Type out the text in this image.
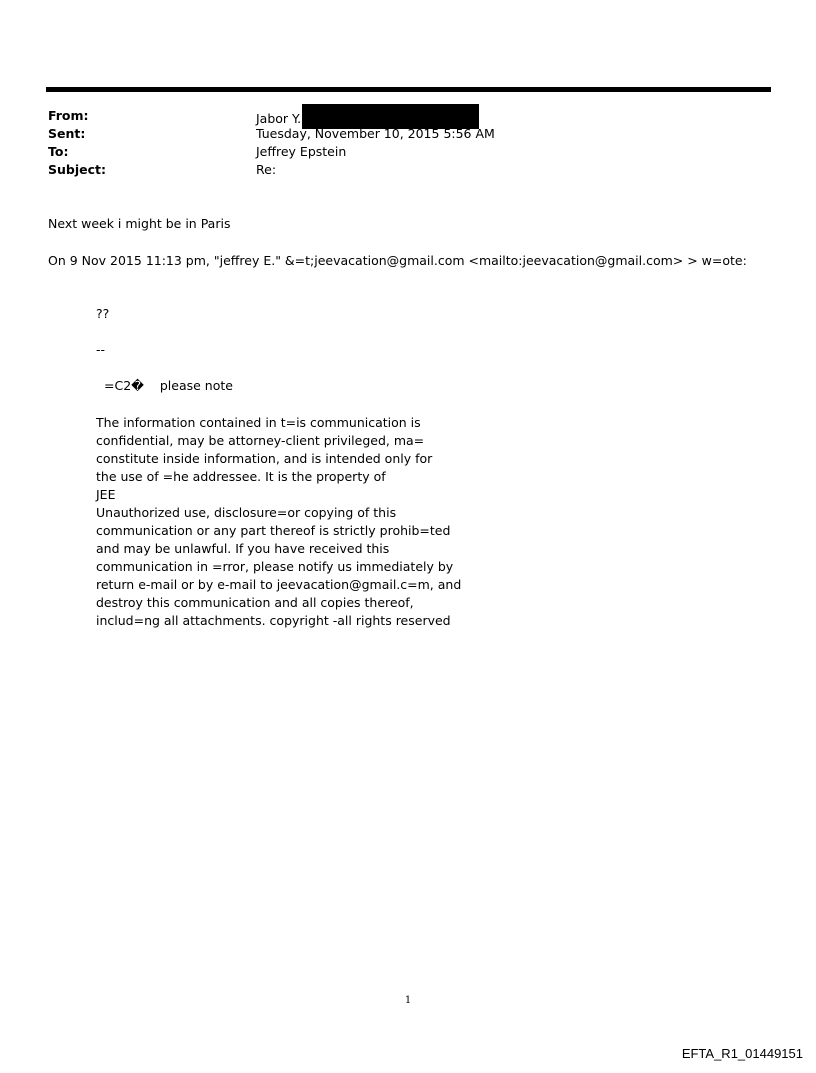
From:	Jabor Y.
Sent:	Tuesday, November 10, 2015 5:56 AM
To:	Jeffrey Epstein
Subject:	Re:
Next week i might be in Paris
On 9 Nov 2015 11:13 pm, "jeffrey E." &=t;jeevacation@gmail.com <mailto:jeevacation@gmail.com> > w=ote:
??
--
=C2�    please note
The information contained in t=is communication is
confidential, may be attorney-client privileged, ma=
constitute inside information, and is intended only for
the use of =he addressee. It is the property of
JEE
Unauthorized use, disclosure=or copying of this
communication or any part thereof is strictly prohib=ted
and may be unlawful. If you have received this
communication in =rror, please notify us immediately by
return e-mail or by e-mail to jeevacation@gmail.c=m, and
destroy this communication and all copies thereof,
includ=ng all attachments. copyright -all rights reserved
1
EFTA_R1_01449151
